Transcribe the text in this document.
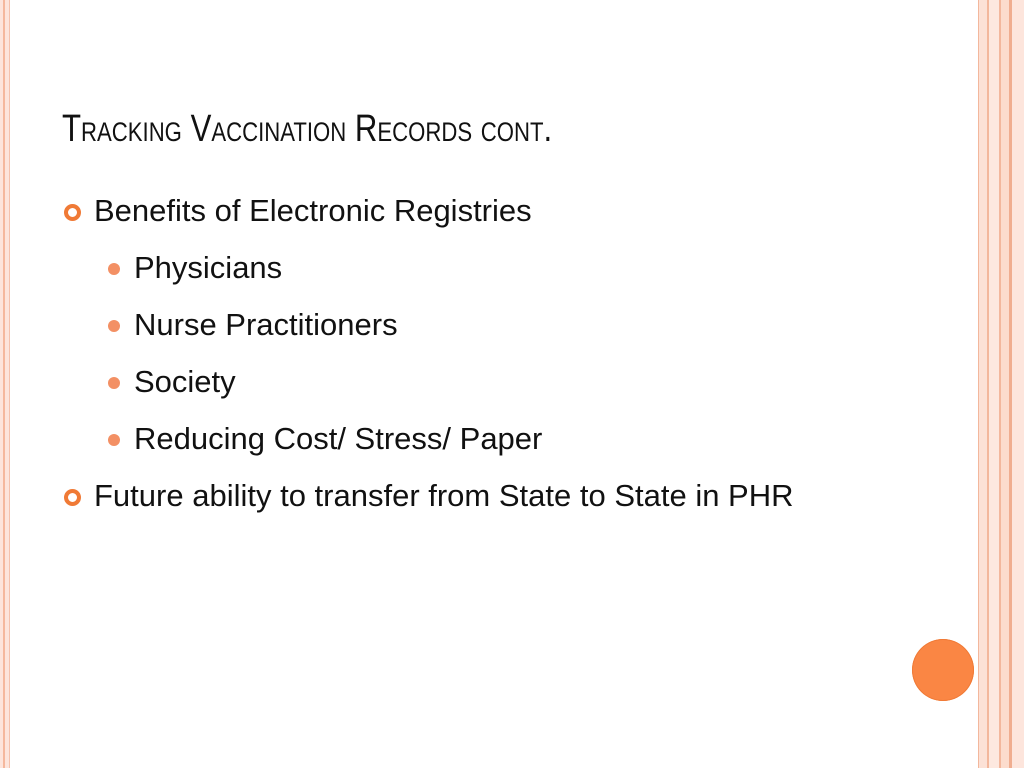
Tracking Vaccination Records cont.
Benefits of Electronic Registries
Physicians
Nurse Practitioners
Society
Reducing Cost/ Stress/ Paper
Future ability to transfer from State to State in PHR
